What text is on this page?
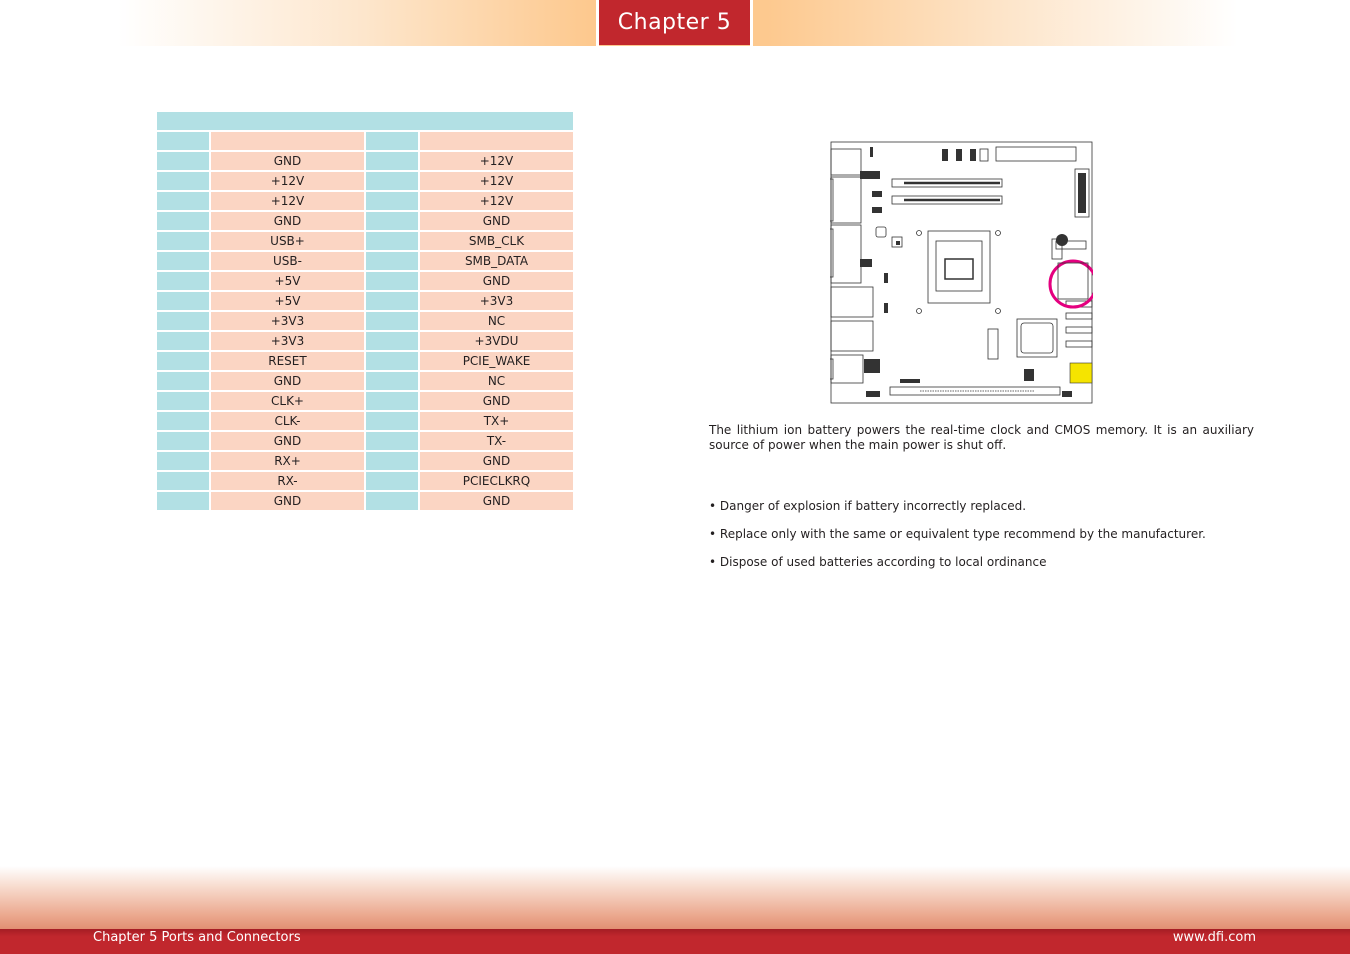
Chapter 5

	GND		+12V
	+12V		+12V
	+12V		+12V
	GND		GND
	USB+		SMB_CLK
	USB-		SMB_DATA
	+5V		GND
	+5V		+3V3
	+3V3		NC
	+3V3		+3VDU
	RESET		PCIE_WAKE
	GND		NC
	CLK+		GND
	CLK-		TX+
	GND		TX-
	RX+		GND
	RX-		PCIECLKRQ
	GND		GND
The lithium ion battery powers the real-time clock and CMOS memory. It is an auxiliary source of power when the main power is shut off.
• Danger of explosion if battery incorrectly replaced.
• Replace only with the same or equivalent type recommend by the manufacturer.
• Dispose of used batteries according to local ordinance
Chapter 5 Ports and Connectors	www.dfi.com
